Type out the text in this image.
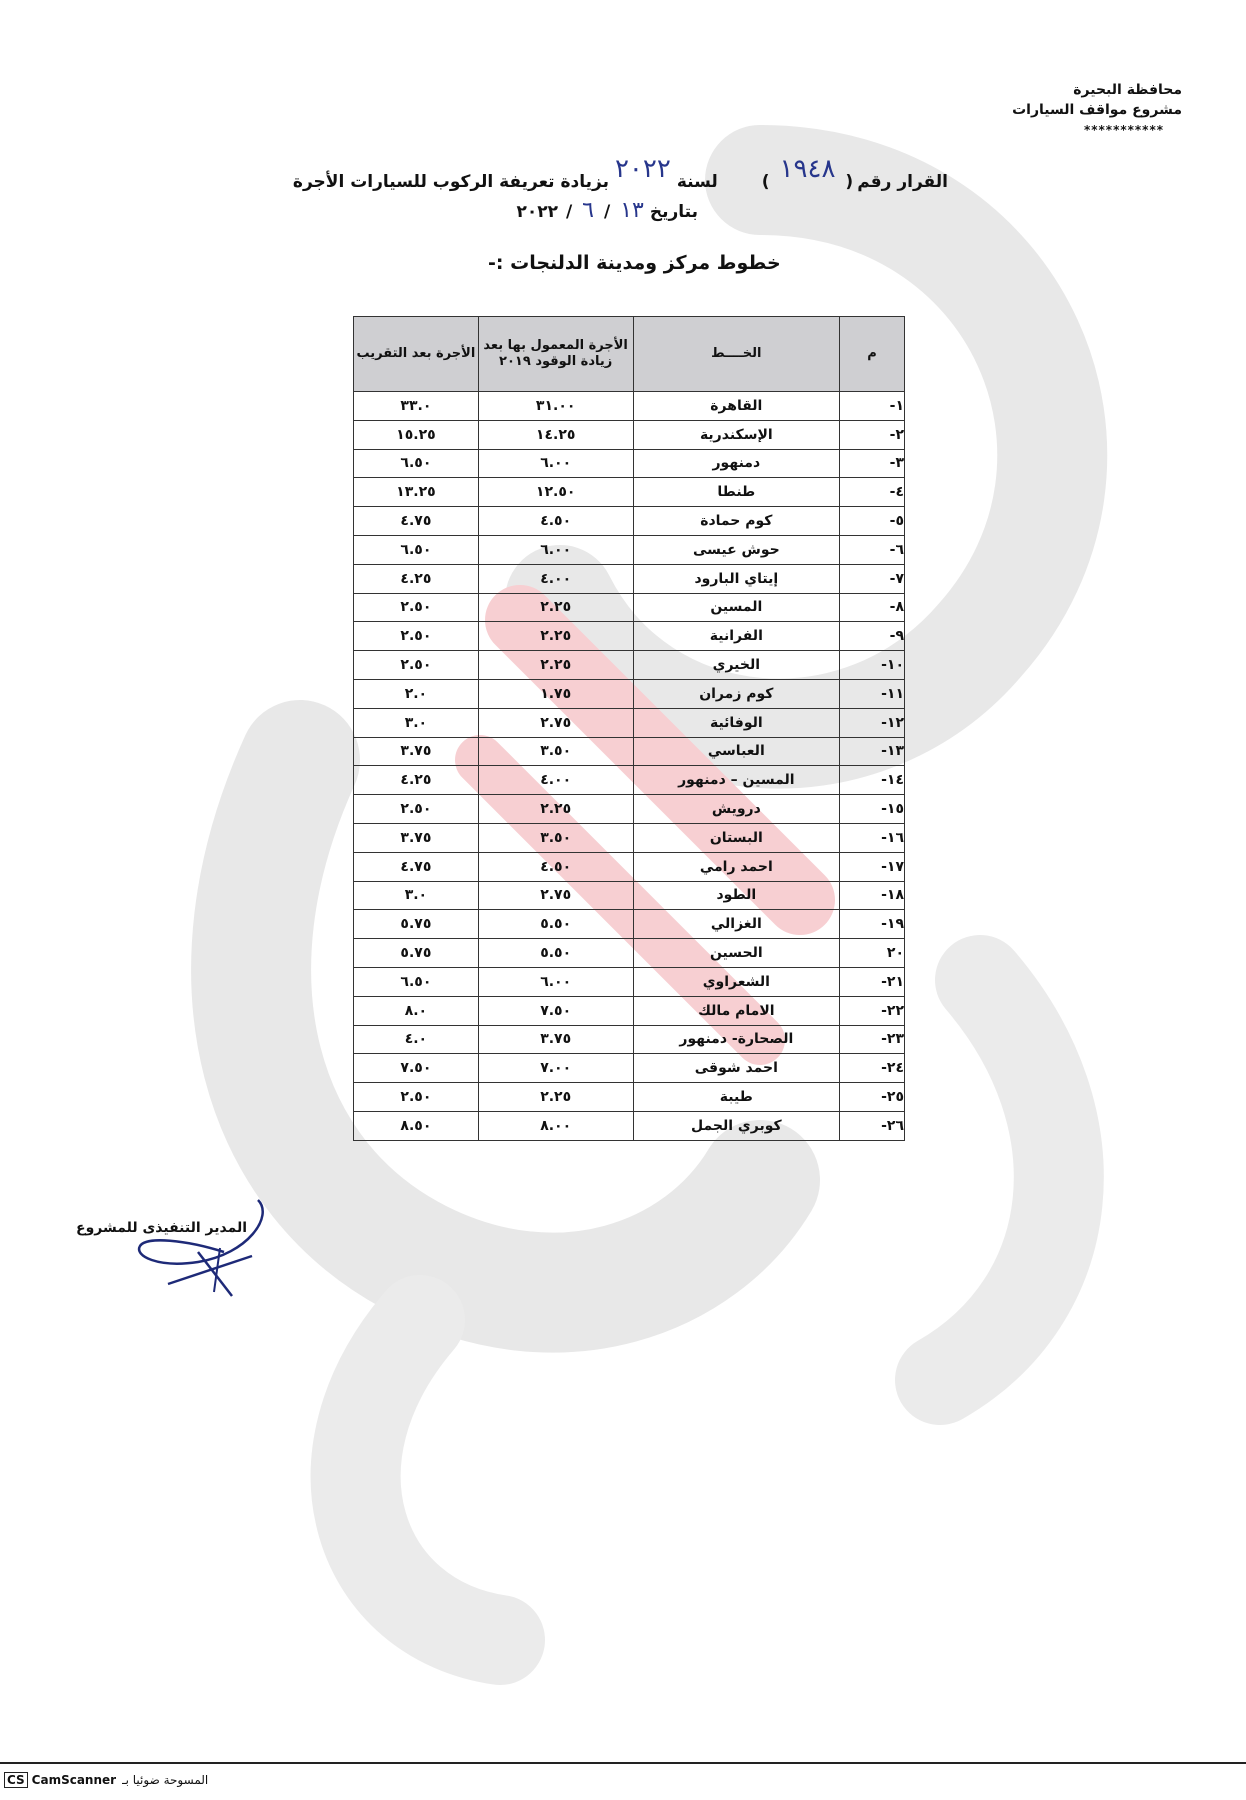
محافظة البحيرة
مشروع مواقف السيارات
***********
القرار رقم
(
١٩٤٨
)
لسنة
٢٠٢٢
بزيادة تعريفة الركوب للسيارات الأجرة
بتاريخ
١٣
/
٦
/
٢٠٢٢
خطوط مركز ومدينة الدلنجات :-
م	الخــــط	الأجرة المعمول بها بعد زيادة الوقود ٢٠١٩	الأجرة بعد التقريب
١-	القاهرة	٣١.٠٠	٣٣.٠
٢-	الإسكندرية	١٤.٢٥	١٥.٢٥
٣-	دمنهور	٦.٠٠	٦.٥٠
٤-	طنطا	١٢.٥٠	١٣.٢٥
٥-	كوم حمادة	٤.٥٠	٤.٧٥
٦-	حوش عيسى	٦.٠٠	٦.٥٠
٧-	إيتاي البارود	٤.٠٠	٤.٢٥
٨-	المسين	٢.٢٥	٢.٥٠
٩-	الفرانية	٢.٢٥	٢.٥٠
١٠-	الخيري	٢.٢٥	٢.٥٠
١١-	كوم زمران	١.٧٥	٢.٠
١٢-	الوفائية	٢.٧٥	٣.٠
١٣-	العباسي	٣.٥٠	٣.٧٥
١٤-	المسين – دمنهور	٤.٠٠	٤.٢٥
١٥-	درويش	٢.٢٥	٢.٥٠
١٦-	البستان	٣.٥٠	٣.٧٥
١٧-	احمد رامي	٤.٥٠	٤.٧٥
١٨-	الطود	٢.٧٥	٣.٠
١٩-	الغزالي	٥.٥٠	٥.٧٥
٢٠	الحسين	٥.٥٠	٥.٧٥
٢١-	الشعراوي	٦.٠٠	٦.٥٠
٢٢-	الامام مالك	٧.٥٠	٨.٠
٢٣-	الصحارة- دمنهور	٣.٧٥	٤.٠
٢٤-	احمد شوقى	٧.٠٠	٧.٥٠
٢٥-	طيبة	٢.٢٥	٢.٥٠
٢٦-	كوبري الجمل	٨.٠٠	٨.٥٠
المدير التنفيذى للمشروع
CS CamScanner المسوحة ضوئيا بـ
